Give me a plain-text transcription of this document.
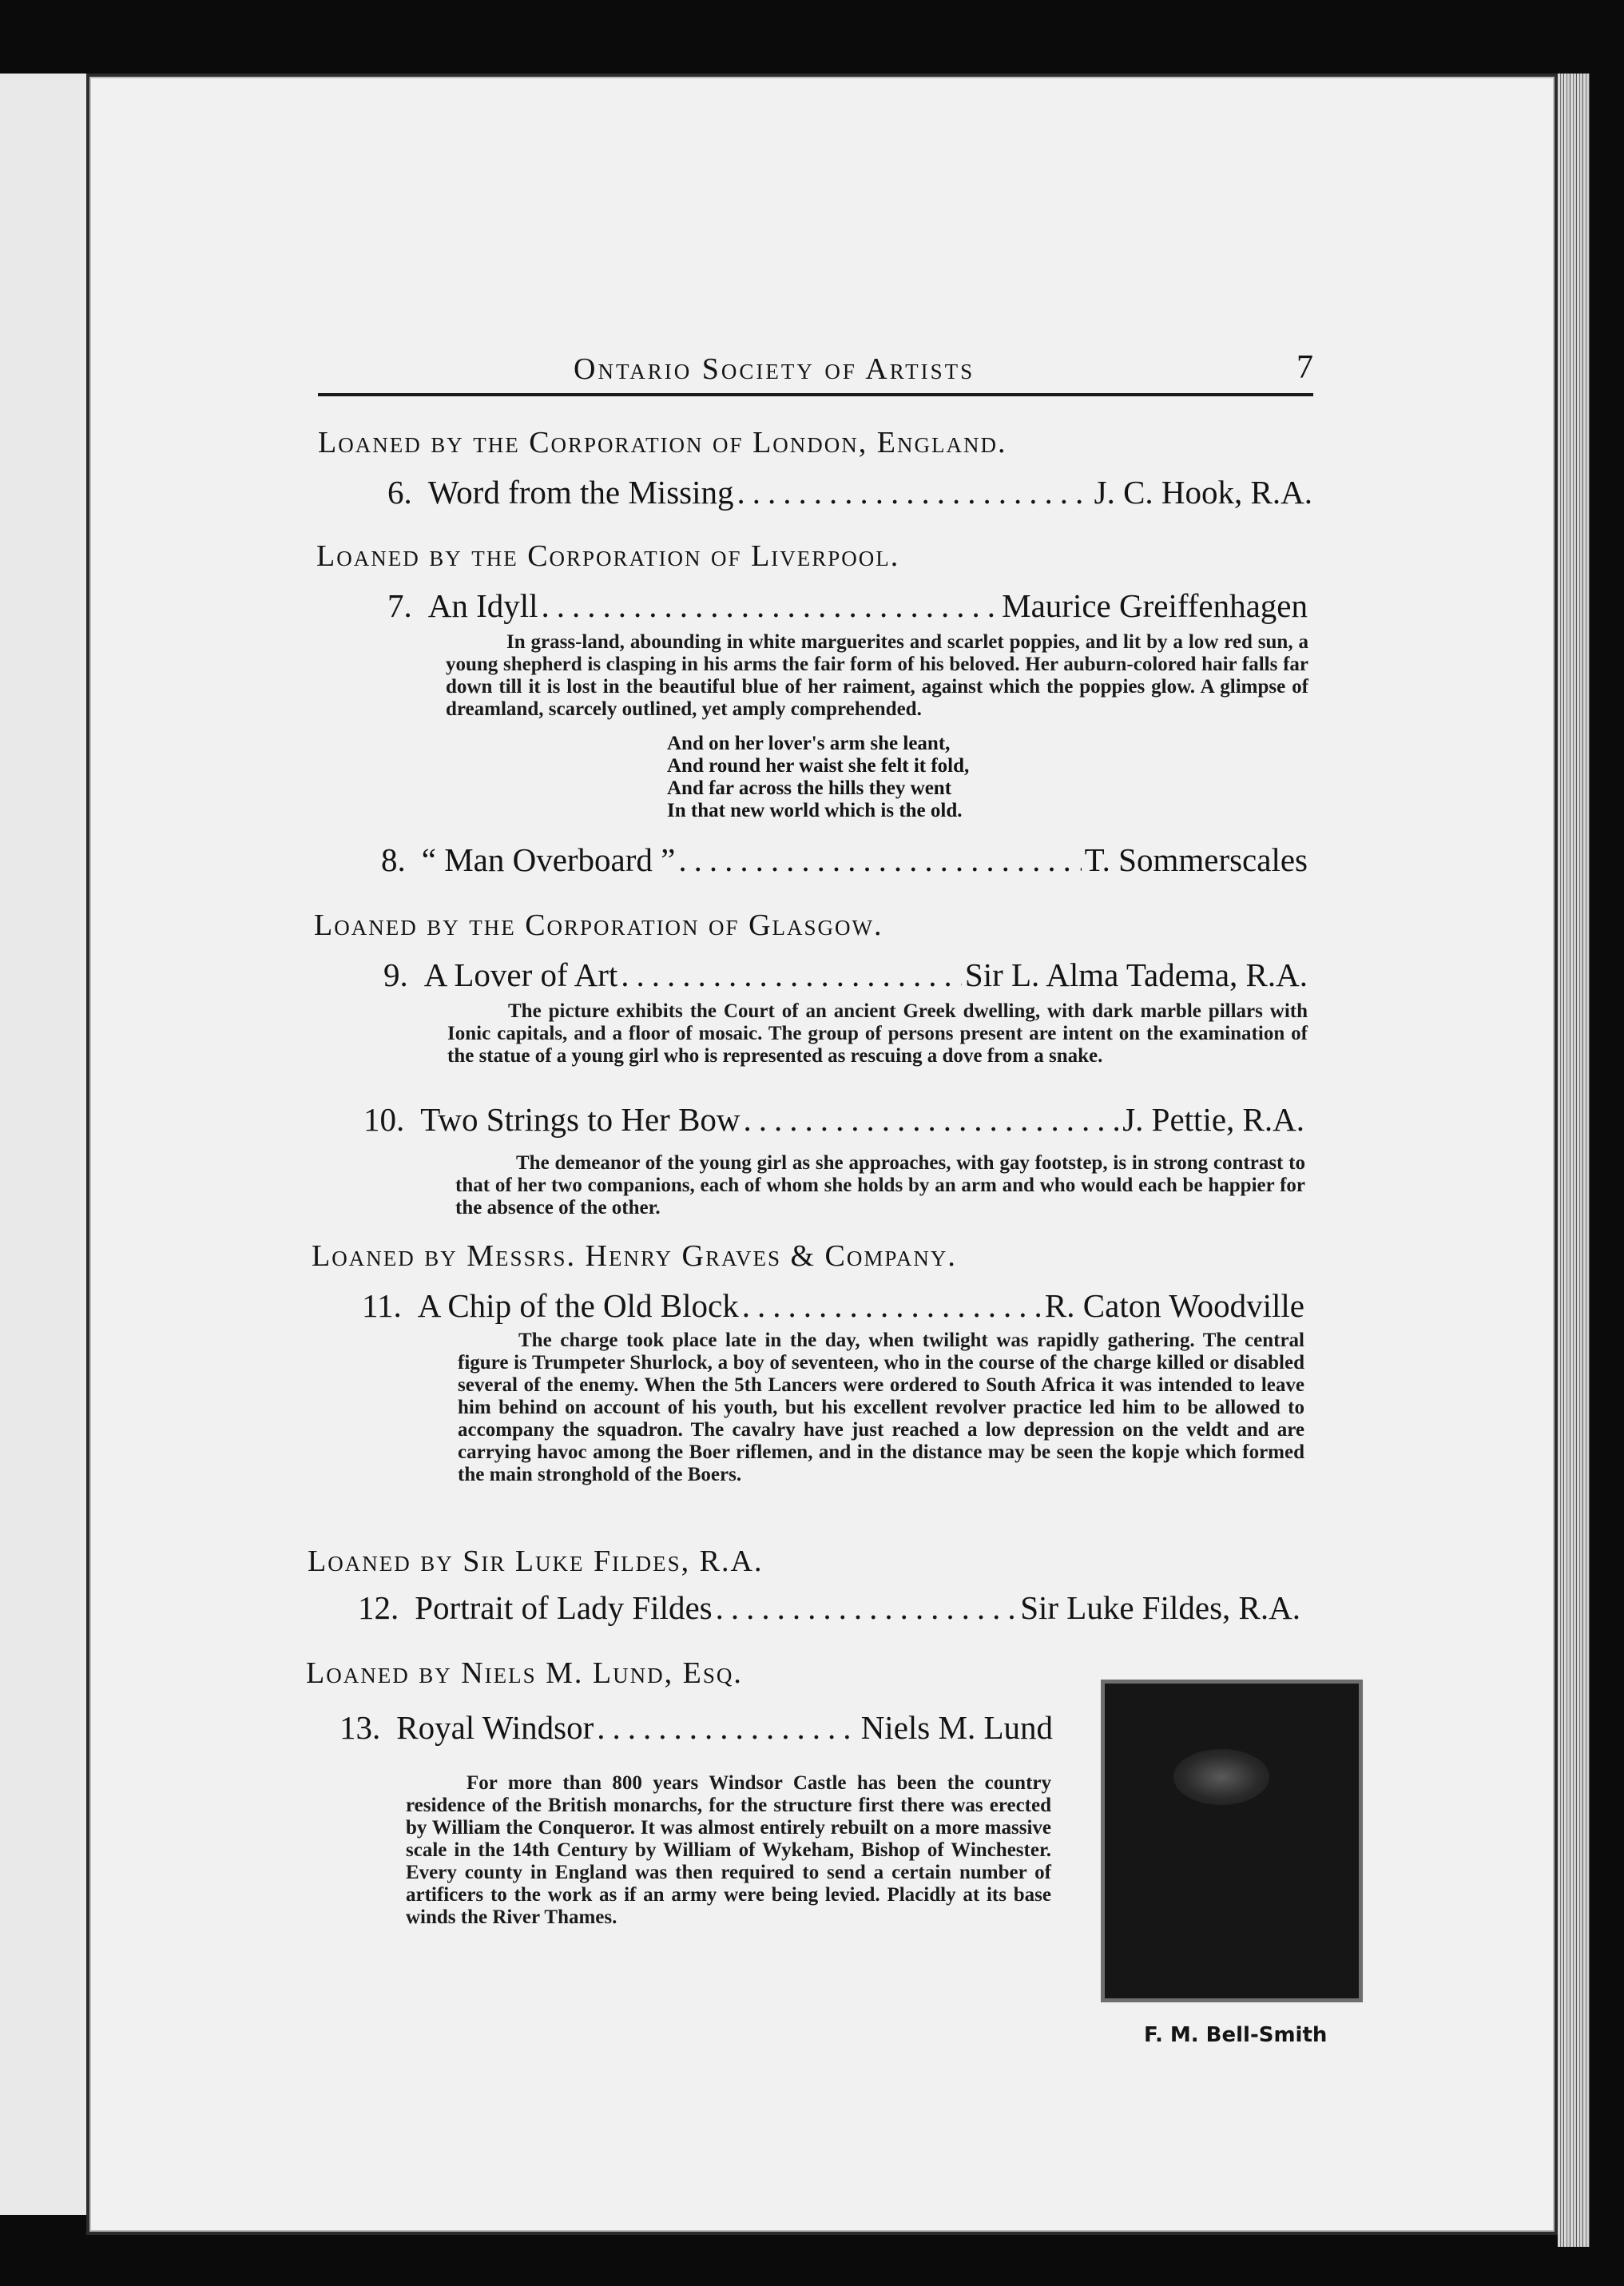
Ontario Society of Artists	7
Loaned by the Corporation of London, England.
6. Word from the Missing .....	J. C. Hook, R.A.
Loaned by the Corporation of Liverpool.
7. An Idyll .....	Maurice Greiffenhagen

In grass-land, abounding in white marguerites and scarlet poppies, and lit by a low red sun, a young shepherd is clasping in his arms the fair form of his beloved. Her auburn-colored hair falls far down till it is lost in the beautiful blue of her raiment, against which the poppies glow. A glimpse of dreamland, scarcely outlined, yet amply comprehended.

And on her lover's arm she leant,
And round her waist she felt it fold,
And far across the hills they went
In that new world which is the old.
8. “ Man Overboard ” .....	T. Sommerscales
Loaned by the Corporation of Glasgow.
9. A Lover of Art .....	Sir L. Alma Tadema, R.A.

The picture exhibits the Court of an ancient Greek dwelling, with dark marble pillars with Ionic capitals, and a floor of mosaic. The group of persons present are intent on the examination of the statue of a young girl who is represented as rescuing a dove from a snake.

10. Two Strings to Her Bow .....	J. Pettie, R.A.

The demeanor of the young girl as she approaches, with gay footstep, is in strong contrast to that of her two companions, each of whom she holds by an arm and who would each be happier for the absence of the other.

Loaned by Messrs. Henry Graves & Company.
11. A Chip of the Old Block .....	R. Caton Woodville

The charge took place late in the day, when twilight was rapidly gathering. The central figure is Trumpeter Shurlock, a boy of seventeen, who in the course of the charge killed or disabled several of the enemy. When the 5th Lancers were ordered to South Africa it was intended to leave him behind on account of his youth, but his excellent revolver practice led him to be allowed to accompany the squadron. The cavalry have just reached a low depression on the veldt and are carrying havoc among the Boer riflemen, and in the distance may be seen the kopje which formed the main stronghold of the Boers.

Loaned by Sir Luke Fildes, R.A.
12. Portrait of Lady Fildes .....	Sir Luke Fildes, R.A.
Loaned by Niels M. Lund, Esq.
13. Royal Windsor .....	Niels M. Lund

For more than 800 years Windsor Castle has been the country residence of the British monarchs, for the structure first there was erected by William the Conqueror. It was almost entirely rebuilt on a more massive scale in the 14th Century by William of Wykeham, Bishop of Winchester. Every county in England was then required to send a certain number of artificers to the work as if an army were being levied. Placidly at its base winds the River Thames.

F. M. Bell-Smith
